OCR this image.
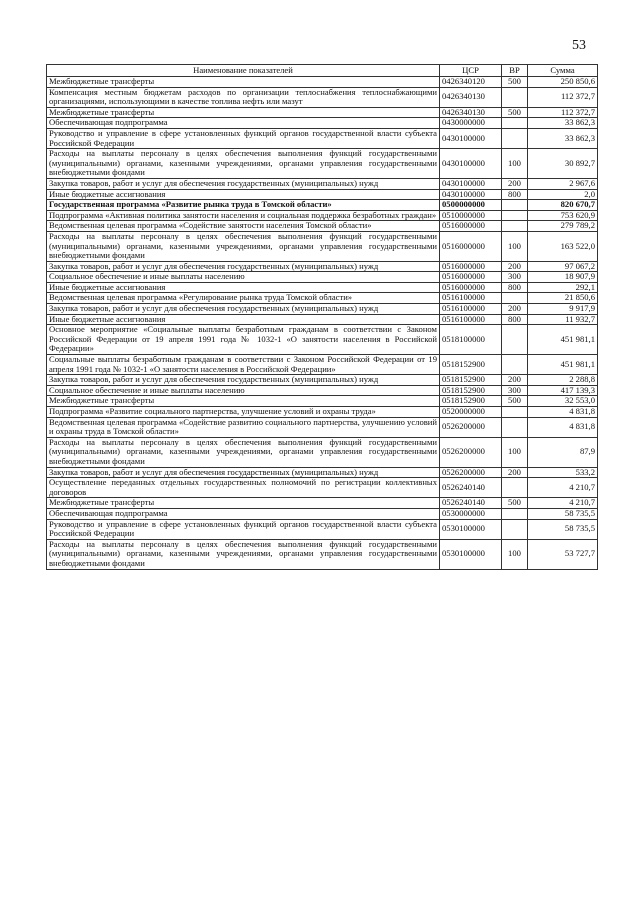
53
Наименование показателей	ЦСР	ВР	Сумма
Межбюджетные трансферты	0426340120	500	250 850,6
Компенсация местным бюджетам расходов по организации теплоснабжения теплоснабжающими организациями, использующими в качестве топлива нефть или мазут	0426340130		112 372,7
Межбюджетные трансферты	0426340130	500	112 372,7
Обеспечивающая подпрограмма	0430000000		33 862,3
Руководство и управление в сфере установленных функций органов государственной власти субъекта Российской Федерации	0430100000		33 862,3
Расходы на выплаты персоналу в целях обеспечения выполнения функций государственными (муниципальными) органами, казенными учреждениями, органами управления государственными внебюджетными фондами	0430100000	100	30 892,7
Закупка товаров, работ и услуг для обеспечения государственных (муниципальных) нужд	0430100000	200	2 967,6
Иные бюджетные ассигнования	0430100000	800	2,0
Государственная программа «Развитие рынка труда в Томской области»	0500000000		820 670,7
Подпрограмма «Активная политика занятости населения и социальная поддержка безработных граждан»	0510000000		753 620,9
Ведомственная целевая программа «Содействие занятости населения Томской области»	0516000000		279 789,2
Расходы на выплаты персоналу в целях обеспечения выполнения функций государственными (муниципальными) органами, казенными учреждениями, органами управления государственными внебюджетными фондами	0516000000	100	163 522,0
Закупка товаров, работ и услуг для обеспечения государственных (муниципальных) нужд	0516000000	200	97 067,2
Социальное обеспечение и иные выплаты населению	0516000000	300	18 907,9
Иные бюджетные ассигнования	0516000000	800	292,1
Ведомственная целевая программа «Регулирование рынка труда Томской области»	0516100000		21 850,6
Закупка товаров, работ и услуг для обеспечения государственных (муниципальных) нужд	0516100000	200	9 917,9
Иные бюджетные ассигнования	0516100000	800	11 932,7
Основное мероприятие «Социальные выплаты безработным гражданам в соответствии с Законом Российской Федерации от 19 апреля 1991 года № 1032-1 «О занятости населения в Российской Федерации»	0518100000		451 981,1
Социальные выплаты безработным гражданам в соответствии с Законом Российской Федерации от 19 апреля 1991 года № 1032-1 «О занятости населения в Российской Федерации»	0518152900		451 981,1
Закупка товаров, работ и услуг для обеспечения государственных (муниципальных) нужд	0518152900	200	2 288,8
Социальное обеспечение и иные выплаты населению	0518152900	300	417 139,3
Межбюджетные трансферты	0518152900	500	32 553,0
Подпрограмма «Развитие социального партнерства, улучшение условий и охраны труда»	0520000000		4 831,8
Ведомственная целевая программа «Содействие развитию социального партнерства, улучшению условий и охраны труда в Томской области»	0526200000		4 831,8
Расходы на выплаты персоналу в целях обеспечения выполнения функций государственными (муниципальными) органами, казенными учреждениями, органами управления государственными внебюджетными фондами	0526200000	100	87,9
Закупка товаров, работ и услуг для обеспечения государственных (муниципальных) нужд	0526200000	200	533,2
Осуществление переданных отдельных государственных полномочий по регистрации коллективных договоров	0526240140		4 210,7
Межбюджетные трансферты	0526240140	500	4 210,7
Обеспечивающая подпрограмма	0530000000		58 735,5
Руководство и управление в сфере установленных функций органов государственной власти субъекта Российской Федерации	0530100000		58 735,5
Расходы на выплаты персоналу в целях обеспечения выполнения функций государственными (муниципальными) органами, казенными учреждениями, органами управления государственными внебюджетными фондами	0530100000	100	53 727,7
